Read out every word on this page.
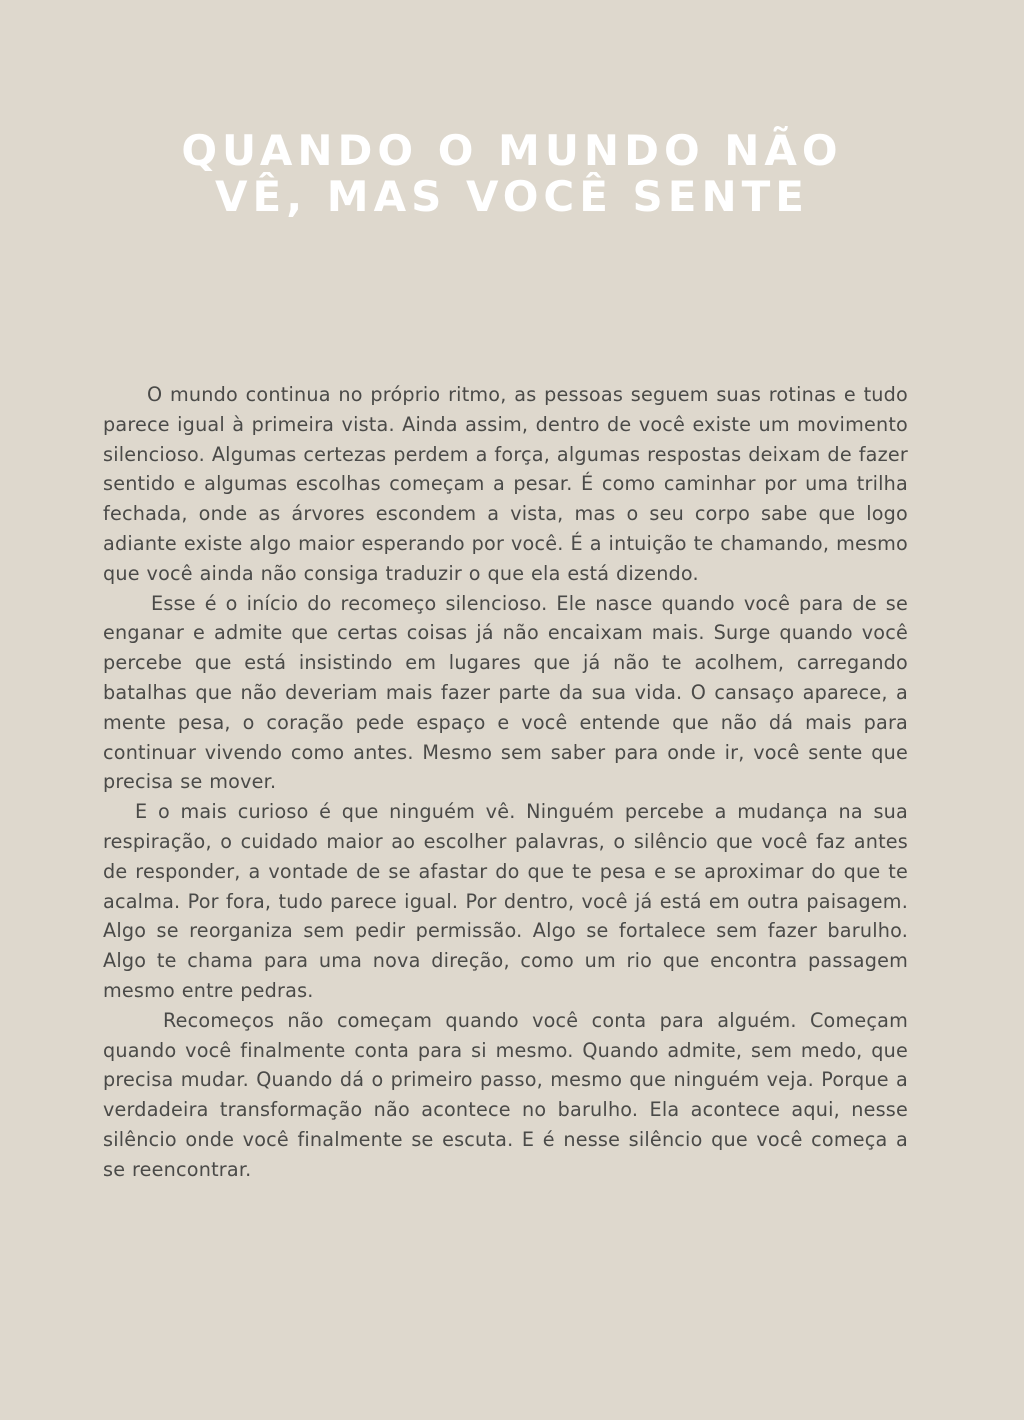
QUANDO O MUNDO NÃO
VÊ, MAS VOCÊ SENTE

O mundo continua no próprio ritmo, as pessoas seguem suas rotinas e tudo parece igual à primeira vista. Ainda assim, dentro de você existe um movimento silencioso. Algumas certezas perdem a força, algumas respostas deixam de fazer sentido e algumas escolhas começam a pesar. É como caminhar por uma trilha fechada, onde as árvores escondem a vista, mas o seu corpo sabe que logo adiante existe algo maior esperando por você. É a intuição te chamando, mesmo que você ainda não consiga traduzir o que ela está dizendo.

Esse é o início do recomeço silencioso. Ele nasce quando você para de se enganar e admite que certas coisas já não encaixam mais. Surge quando você percebe que está insistindo em lugares que já não te acolhem, carregando batalhas que não deveriam mais fazer parte da sua vida. O cansaço aparece, a mente pesa, o coração pede espaço e você entende que não dá mais para continuar vivendo como antes. Mesmo sem saber para onde ir, você sente que precisa se mover.

E o mais curioso é que ninguém vê. Ninguém percebe a mudança na sua respiração, o cuidado maior ao escolher palavras, o silêncio que você faz antes de responder, a vontade de se afastar do que te pesa e se aproximar do que te acalma. Por fora, tudo parece igual. Por dentro, você já está em outra paisagem. Algo se reorganiza sem pedir permissão. Algo se fortalece sem fazer barulho. Algo te chama para uma nova direção, como um rio que encontra passagem mesmo entre pedras.

Recomeços não começam quando você conta para alguém. Começam quando você finalmente conta para si mesmo. Quando admite, sem medo, que precisa mudar. Quando dá o primeiro passo, mesmo que ninguém veja. Porque a verdadeira transformação não acontece no barulho. Ela acontece aqui, nesse silêncio onde você finalmente se escuta. E é nesse silêncio que você começa a se reencontrar.
